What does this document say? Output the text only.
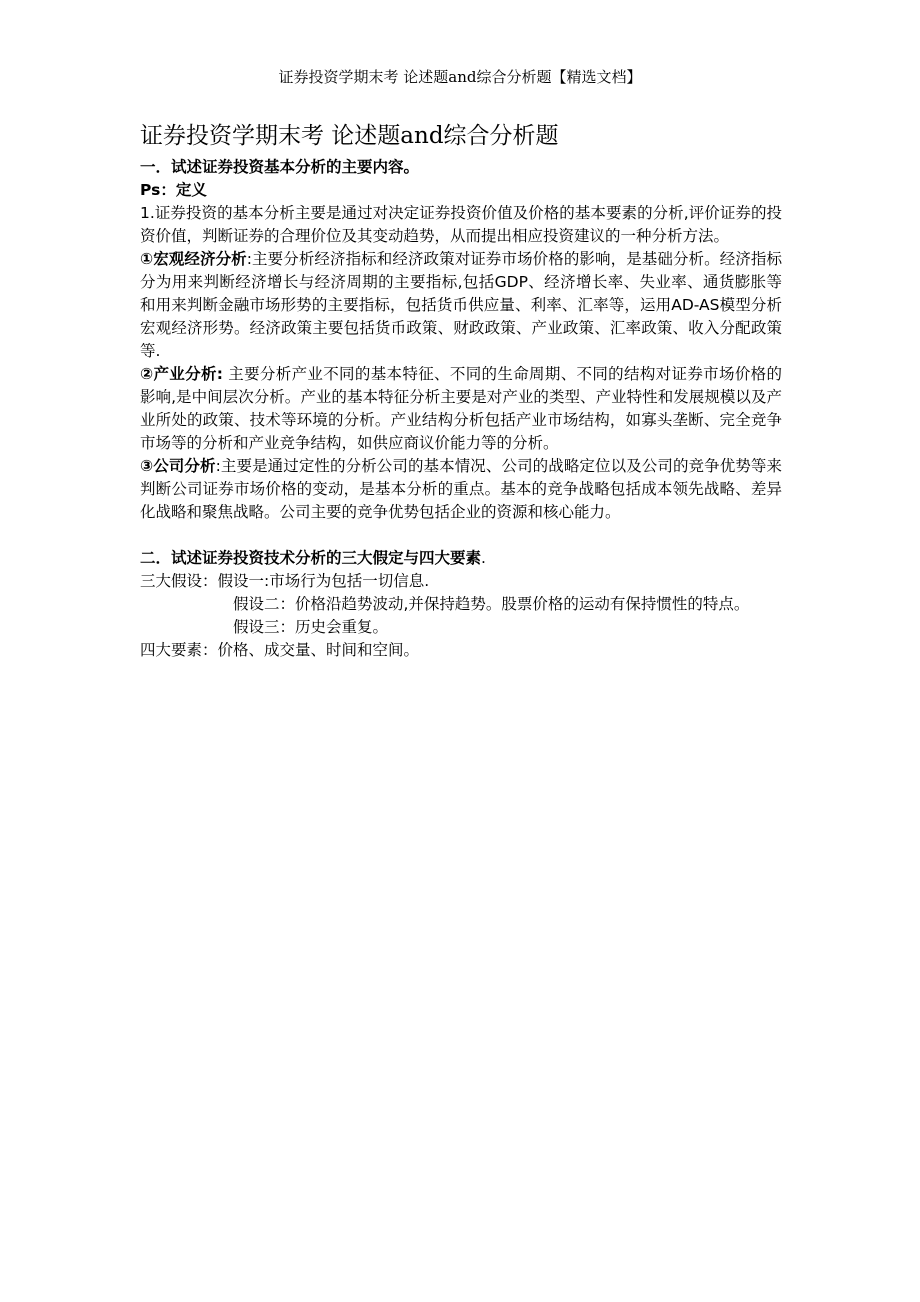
证券投资学期末考 论述题and综合分析题【精选文档】
证券投资学期末考 论述题and综合分析题

一．试述证券投资基本分析的主要内容。

Ps：定义

1.证券投资的基本分析主要是通过对决定证券投资价值及价格的基本要素的分析,评价证券的投资价值，判断证券的合理价位及其变动趋势，从而提出相应投资建议的一种分析方法。

①宏观经济分析:主要分析经济指标和经济政策对证券市场价格的影响，是基础分析。经济指标分为用来判断经济增长与经济周期的主要指标,包括GDP、经济增长率、失业率、通货膨胀等和用来判断金融市场形势的主要指标，包括货币供应量、利率、汇率等，运用AD-AS模型分析宏观经济形势。经济政策主要包括货币政策、财政政策、产业政策、汇率政策、收入分配政策等.

②产业分析: 主要分析产业不同的基本特征、不同的生命周期、不同的结构对证券市场价格的影响,是中间层次分析。产业的基本特征分析主要是对产业的类型、产业特性和发展规模以及产业所处的政策、技术等环境的分析。产业结构分析包括产业市场结构，如寡头垄断、完全竞争市场等的分析和产业竞争结构，如供应商议价能力等的分析。

③公司分析:主要是通过定性的分析公司的基本情况、公司的战略定位以及公司的竞争优势等来判断公司证券市场价格的变动，是基本分析的重点。基本的竞争战略包括成本领先战略、差异化战略和聚焦战略。公司主要的竞争优势包括企业的资源和核心能力。

二．试述证券投资技术分析的三大假定与四大要素.

三大假设：假设一:市场行为包括一切信息.

假设二：价格沿趋势波动,并保持趋势。股票价格的运动有保持惯性的特点。

假设三：历史会重复。

四大要素：价格、成交量、时间和空间。
